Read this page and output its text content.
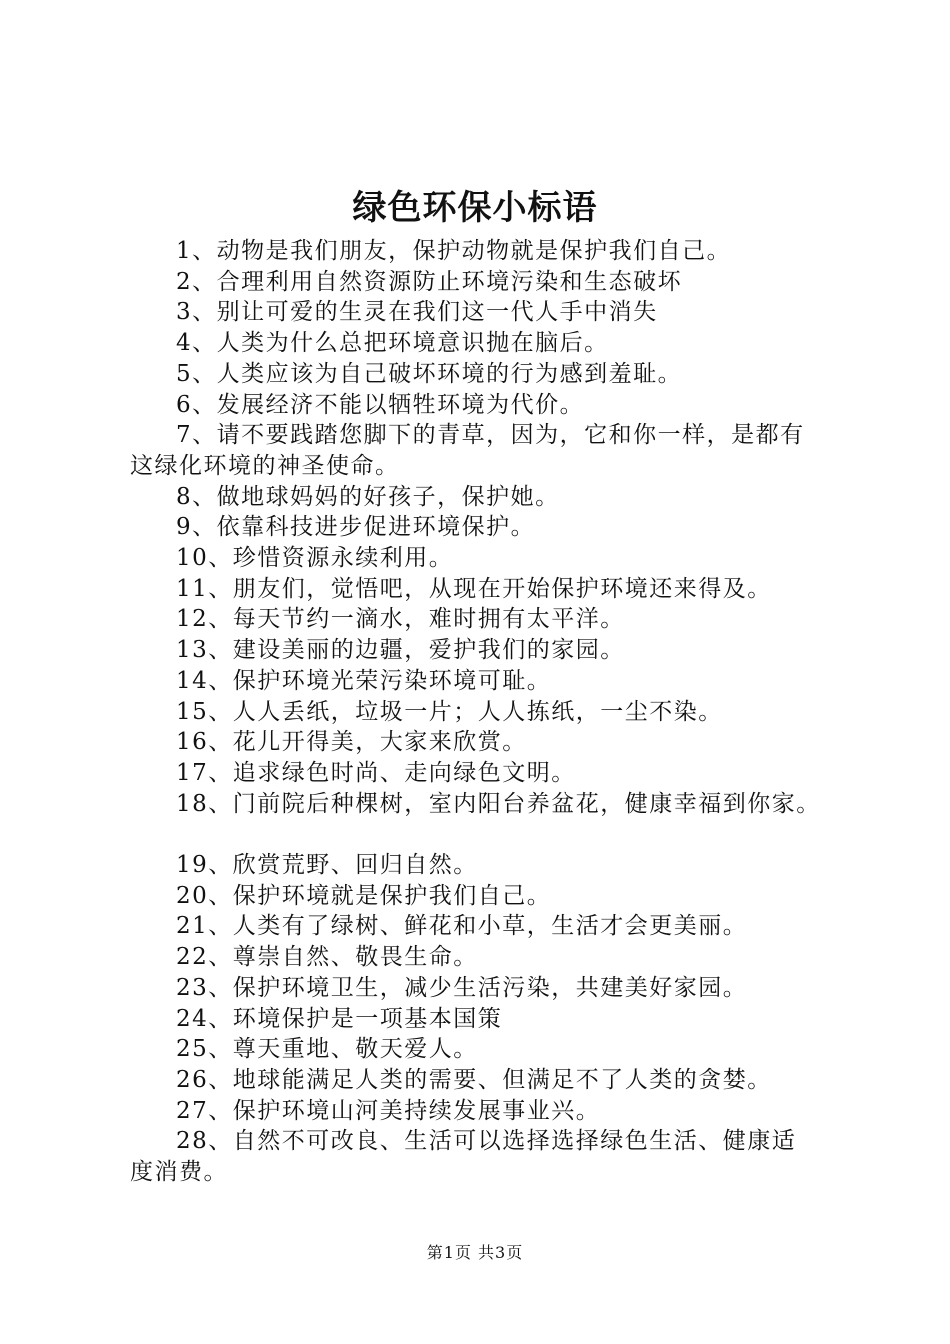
绿色环保小标语
1、动物是我们朋友，保护动物就是保护我们自己。
2、合理利用自然资源防止环境污染和生态破坏
3、别让可爱的生灵在我们这一代人手中消失
4、人类为什么总把环境意识抛在脑后。
5、人类应该为自己破坏环境的行为感到羞耻。
6、发展经济不能以牺牲环境为代价。
7、请不要践踏您脚下的青草，因为，它和你一样，是都有
这绿化环境的神圣使命。
8、做地球妈妈的好孩子，保护她。
9、依靠科技进步促进环境保护。
10、珍惜资源永续利用。
11、朋友们，觉悟吧，从现在开始保护环境还来得及。
12、每天节约一滴水，难时拥有太平洋。
13、建设美丽的边疆，爱护我们的家园。
14、保护环境光荣污染环境可耻。
15、人人丢纸，垃圾一片；人人拣纸，一尘不染。
16、花儿开得美，大家来欣赏。
17、追求绿色时尚、走向绿色文明。
18、门前院后种棵树，室内阳台养盆花，健康幸福到你家。
19、欣赏荒野、回归自然。
20、保护环境就是保护我们自己。
21、人类有了绿树、鲜花和小草，生活才会更美丽。
22、尊崇自然、敬畏生命。
23、保护环境卫生，减少生活污染，共建美好家园。
24、环境保护是一项基本国策
25、尊天重地、敬天爱人。
26、地球能满足人类的需要、但满足不了人类的贪婪。
27、保护环境山河美持续发展事业兴。
28、自然不可改良、生活可以选择选择绿色生活、健康适
度消费。
第1页 共3页
